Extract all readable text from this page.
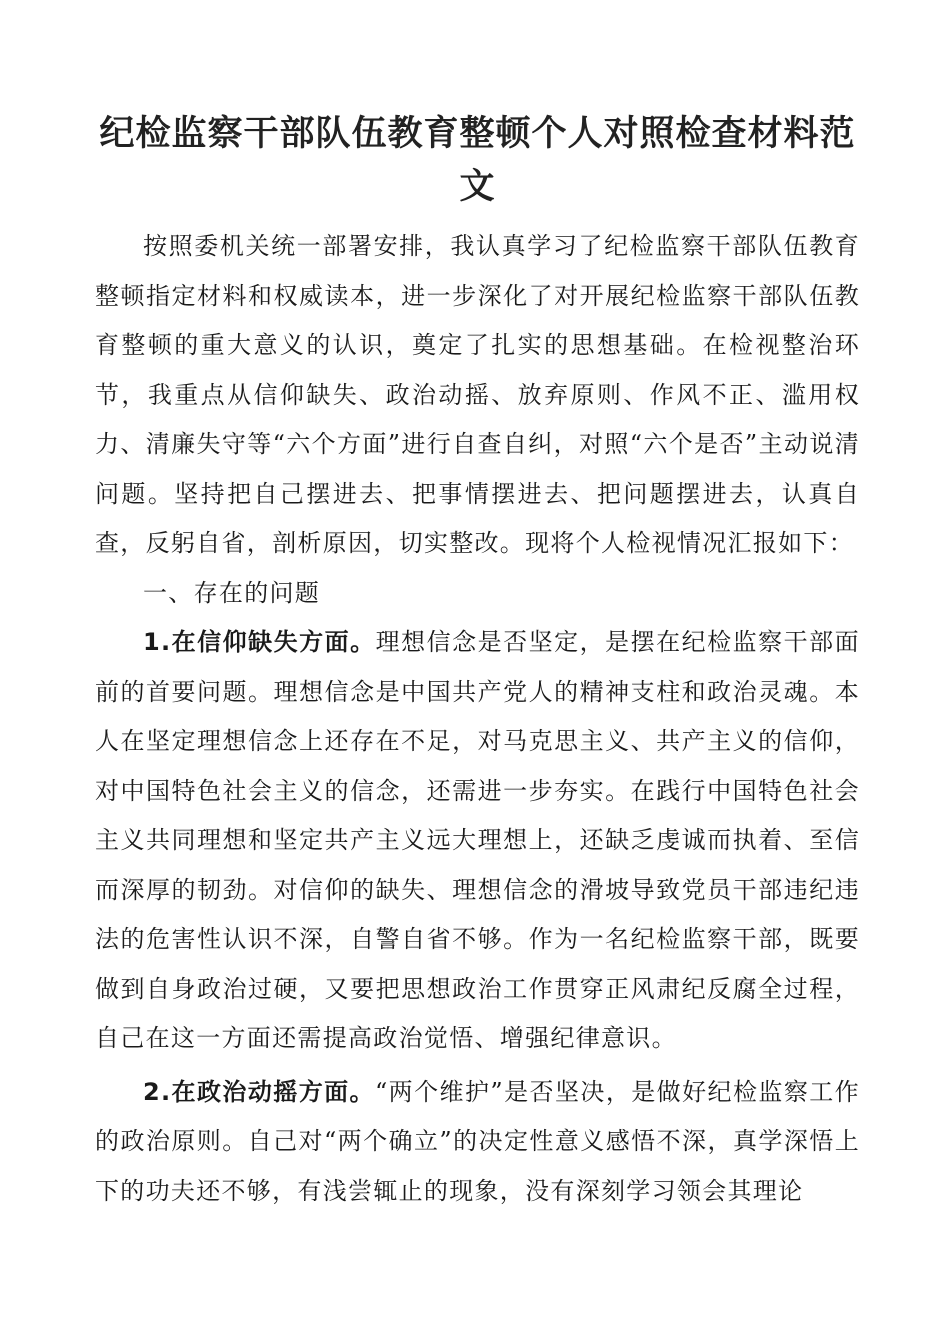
纪检监察干部队伍教育整顿个人对照检查材料范文

按照委机关统一部署安排，我认真学习了纪检监察干部队伍教育整顿指定材料和权威读本，进一步深化了对开展纪检监察干部队伍教育整顿的重大意义的认识，奠定了扎实的思想基础。在检视整治环节，我重点从信仰缺失、政治动摇、放弃原则、作风不正、滥用权力、清廉失守等“六个方面”进行自查自纠，对照“六个是否”主动说清问题。坚持把自己摆进去、把事情摆进去、把问题摆进去，认真自查，反躬自省，剖析原因，切实整改。现将个人检视情况汇报如下：

一、存在的问题

1.在信仰缺失方面。理想信念是否坚定，是摆在纪检监察干部面前的首要问题。理想信念是中国共产党人的精神支柱和政治灵魂。本人在坚定理想信念上还存在不足，对马克思主义、共产主义的信仰，对中国特色社会主义的信念，还需进一步夯实。在践行中国特色社会主义共同理想和坚定共产主义远大理想上，还缺乏虔诚而执着、至信而深厚的韧劲。对信仰的缺失、理想信念的滑坡导致党员干部违纪违法的危害性认识不深，自警自省不够。作为一名纪检监察干部，既要做到自身政治过硬，又要把思想政治工作贯穿正风肃纪反腐全过程，自己在这一方面还需提高政治觉悟、增强纪律意识。

2.在政治动摇方面。“两个维护”是否坚决，是做好纪检监察工作的政治原则。自己对“两个确立”的决定性意义感悟不深，真学深悟上下的功夫还不够，有浅尝辄止的现象，没有深刻学习领会其理论
